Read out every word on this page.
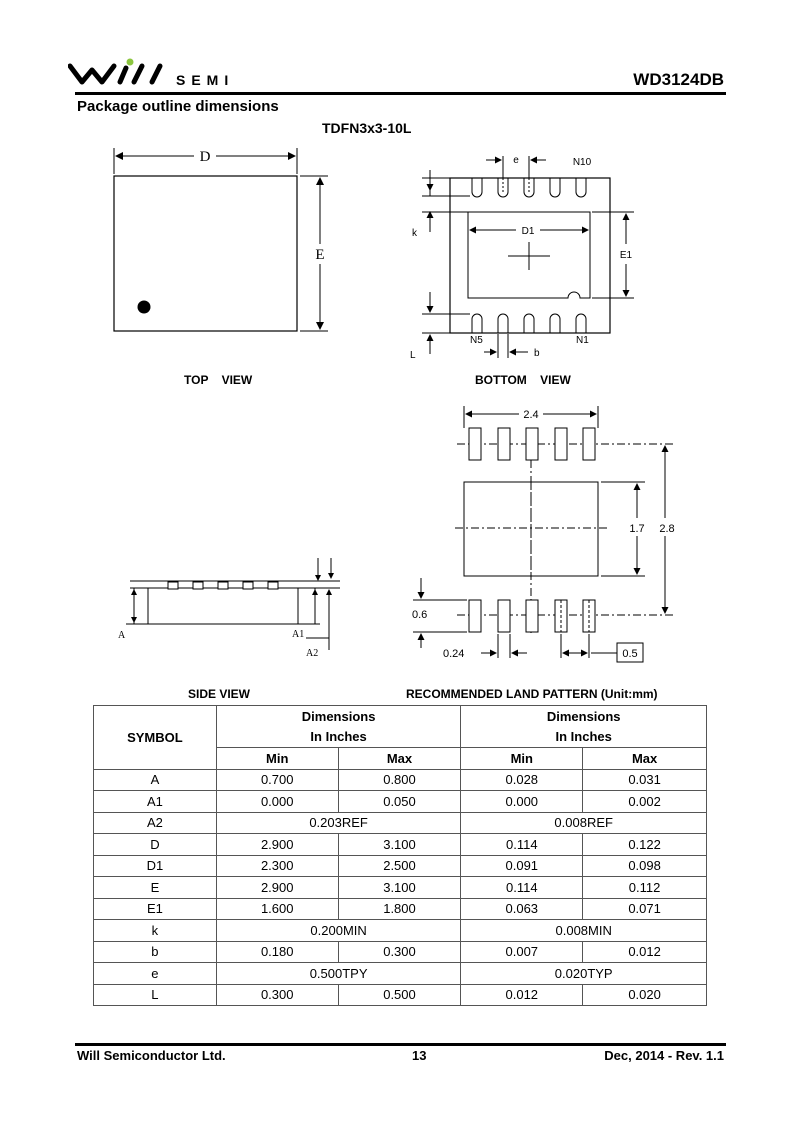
SEMI	WD3124DB
Package outline dimensions
TDFN3x3-10L
D
E
TOP VIEW
e	N10
k	D1
E1
L
N5	N1
b
BOTTOM VIEW
A	A1
A2
2.4
1.7 2.8
0.6
0.24	0.5
SIDE VIEW	RECOMMENDED LAND PATTERN (Unit:mm)
SYMBOL	Dimensions		Dimensions	
	In Inches		In Inches	
	Min	Max	Min	Max
A	0.700	0.800	0.028	0.031
A1	0.000	0.050	0.000	0.002
A2	0.203REF		0.008REF	
D	2.900	3.100	0.114	0.122
D1	2.300	2.500	0.091	0.098
E	2.900	3.100	0.114	0.112
E1	1.600	1.800	0.063	0.071
k	0.200MIN		0.008MIN	
b	0.180	0.300	0.007	0.012
e	0.500TPY		0.020TYP	
L	0.300	0.500	0.012	0.020
Will Semiconductor Ltd.	13	Dec, 2014 - Rev. 1.1
